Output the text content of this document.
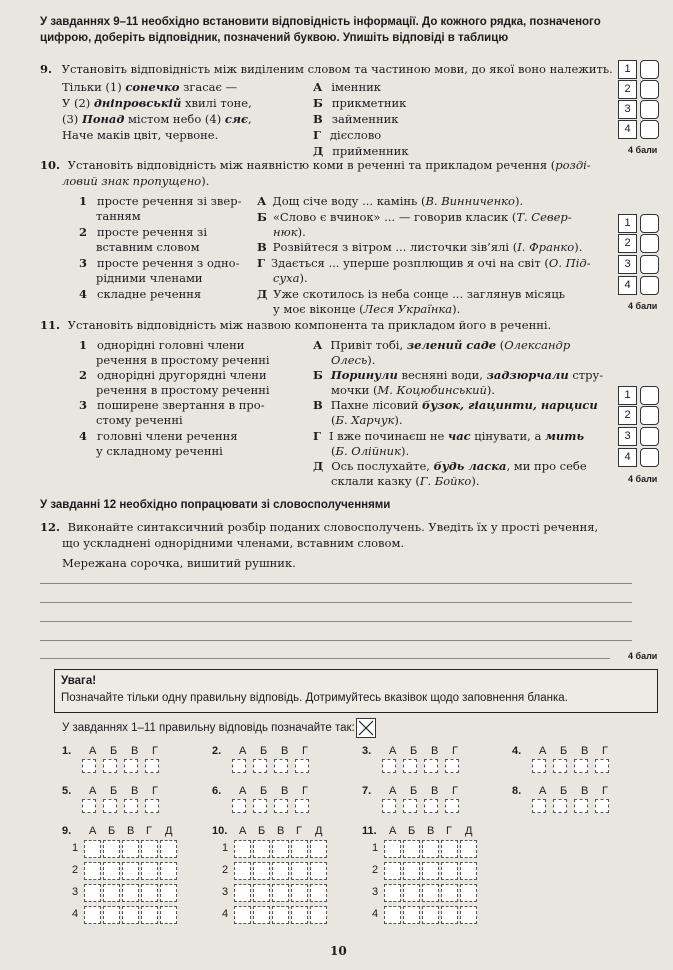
У завданнях 9–11 необхідно встановити відповідність інформації. До кожного рядка, позначеного
цифрою, доберіть відповідник, позначений буквою. Упишіть відповіді в таблицю
9. Установіть відповідність між виділеним словом та частиною мови, до якої воно належить.
Тільки (1) сонечко згасає —
У (2) дніпровській хвилі тоне,
(3) Понад містом небо (4) сяє,
Наче маків цвіт, червоне.
А іменник
Б прикметник
В займенник
Г дієслово
Д прийменник
1
2
3
4
4 бали
10. Установіть відповідність між наявністю коми в реченні та прикладом речення (розді-
ловий знак пропущено).
1 просте речення зі звер-
танням
2 просте речення зі
вставним словом
3 просте речення з одно-
рідними членами
4 складне речення
А Дощ січе воду ... камінь (В. Винниченко).
Б «Слово є вчинок» ... — говорив класик (Т. Север-
нюк).
В Розвійтеся з вітром ... листочки зів’ялі (І. Франко).
Г Здається ... уперше розплющив я очі на світ (О. Під-
суха).
Д Уже скотилось із неба сонце ... заглянув місяць
у моє віконце (Леся Українка).
1
2
3
4
4 бали
11. Установіть відповідність між назвою компонента та прикладом його в реченні.
1 однорідні головні члени
речення в простому реченні
2 однорідні другорядні члени
речення в простому реченні
3 поширене звертання в про-
стому реченні
4 головні члени речення
у складному реченні
А Привіт тобі, зелений саде (Олександр
Олесь).
Б Поринули весняні води, задзюрчали стру-
мочки (М. Коцюбинський).
В Пахне лісовий бузок, гіацинти, нарциси
(Б. Харчук).
Г І вже починаєш не час цінувати, а мить
(Б. Олійник).
Д Ось послухайте, будь ласка, ми про себе
склали казку (Г. Бойко).
1
2
3
4
4 бали
У завданні 12 необхідно попрацювати зі словосполученнями
12. Виконайте синтаксичний розбір поданих словосполучень. Уведіть їх у прості речення,
що ускладнені однорідними членами, вставним словом.
Мережана сорочка, вишитий рушник.
4 бали
Увага!
Позначайте тільки одну правильну відповідь. Дотримуйтесь вказівок щодо заповнення бланка.
У завданнях 1–11 правильну відповідь позначайте так:
1. А Б В Г	2. А Б В Г	3. А Б В Г	4. А Б В Г
5. А Б В Г	6. А Б В Г	7. А Б В Г	8. А Б В Г
9. А Б В Г Д
1
2
3
4
10. А Б В Г Д
1
2
3
4
11. А Б В Г Д
1
2
3
4
10
